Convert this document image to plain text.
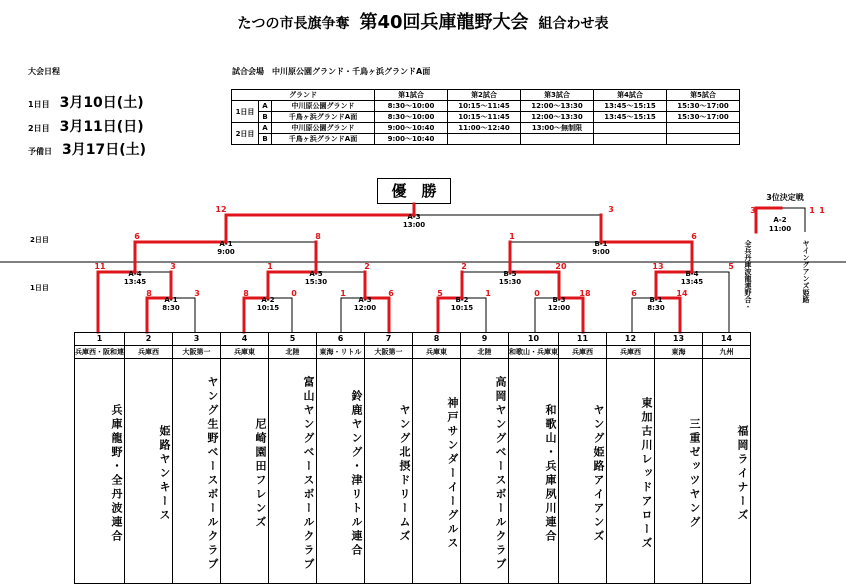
たつの市長旗争奪 第40回兵庫龍野大会 組合わせ表
大会日程
1日目 3月10日(土)
2日目 3月11日(日)
予備日 3月17日(土)
試合会場　中川原公園グランド・千鳥ヶ浜グランドA面
グランド			第1試合	第2試合	第3試合	第4試合	第5試合
1日目	A	中川原公園グランド	8:30～10:00	10:15～11:45	12:00～13:30	13:45～15:15	15:30～17:00
	B	千鳥ヶ浜グランドA面	8:30～10:00	10:15～11:45	12:00～13:30	13:45～15:15	15:30～17:00
2日目	A	中川原公園グランド	9:00～10:40	11:00～12:40	13:00～無制限		
	B	千鳥ヶ浜グランドA面	9:00～10:40				
優　勝
2日目
1日目
A-3
13:00
A-1
9:00
B-1
9:00
A-4
13:45
A-5
15:30
B-5
15:30
B-4
13:45
A-1
8:30
A-2
10:15
A-3
12:00
B-2
10:15
B-3
12:00
B-1
8:30
12	3
6	8	1	6
11	3	1	2	2	20	13	5
8	3	8	0	1	6	5	1	0	18	6	14
3位決定戦
A-2
11:00
3	1 1
全兵丹庫波龍連野合・	ヤイングアンズ姫路
1	2	3	4	5	6	7	8	9	10	11	12	13	14
兵庫西・阪和連	兵庫西	大阪第一	兵庫東	北陸	東海・リトル	大阪第一	兵庫東	北陸	和歌山・兵庫東	兵庫西	兵庫西	東海	九州
兵庫龍野・全丹波連合	姫路ヤンキース	ヤング生野ベースボールクラブ	尼崎園田フレンズ	富山ヤングベースボールクラブ	鈴鹿ヤング・津リトル連合	ヤング北摂ドリームズ	神戸サンダーイーグルス	高岡ヤングベースボールクラブ	和歌山・兵庫夙川連合	ヤング姫路アイアンズ	東加古川レッドアローズ	三重ゼッツヤング	福岡ライナーズ
